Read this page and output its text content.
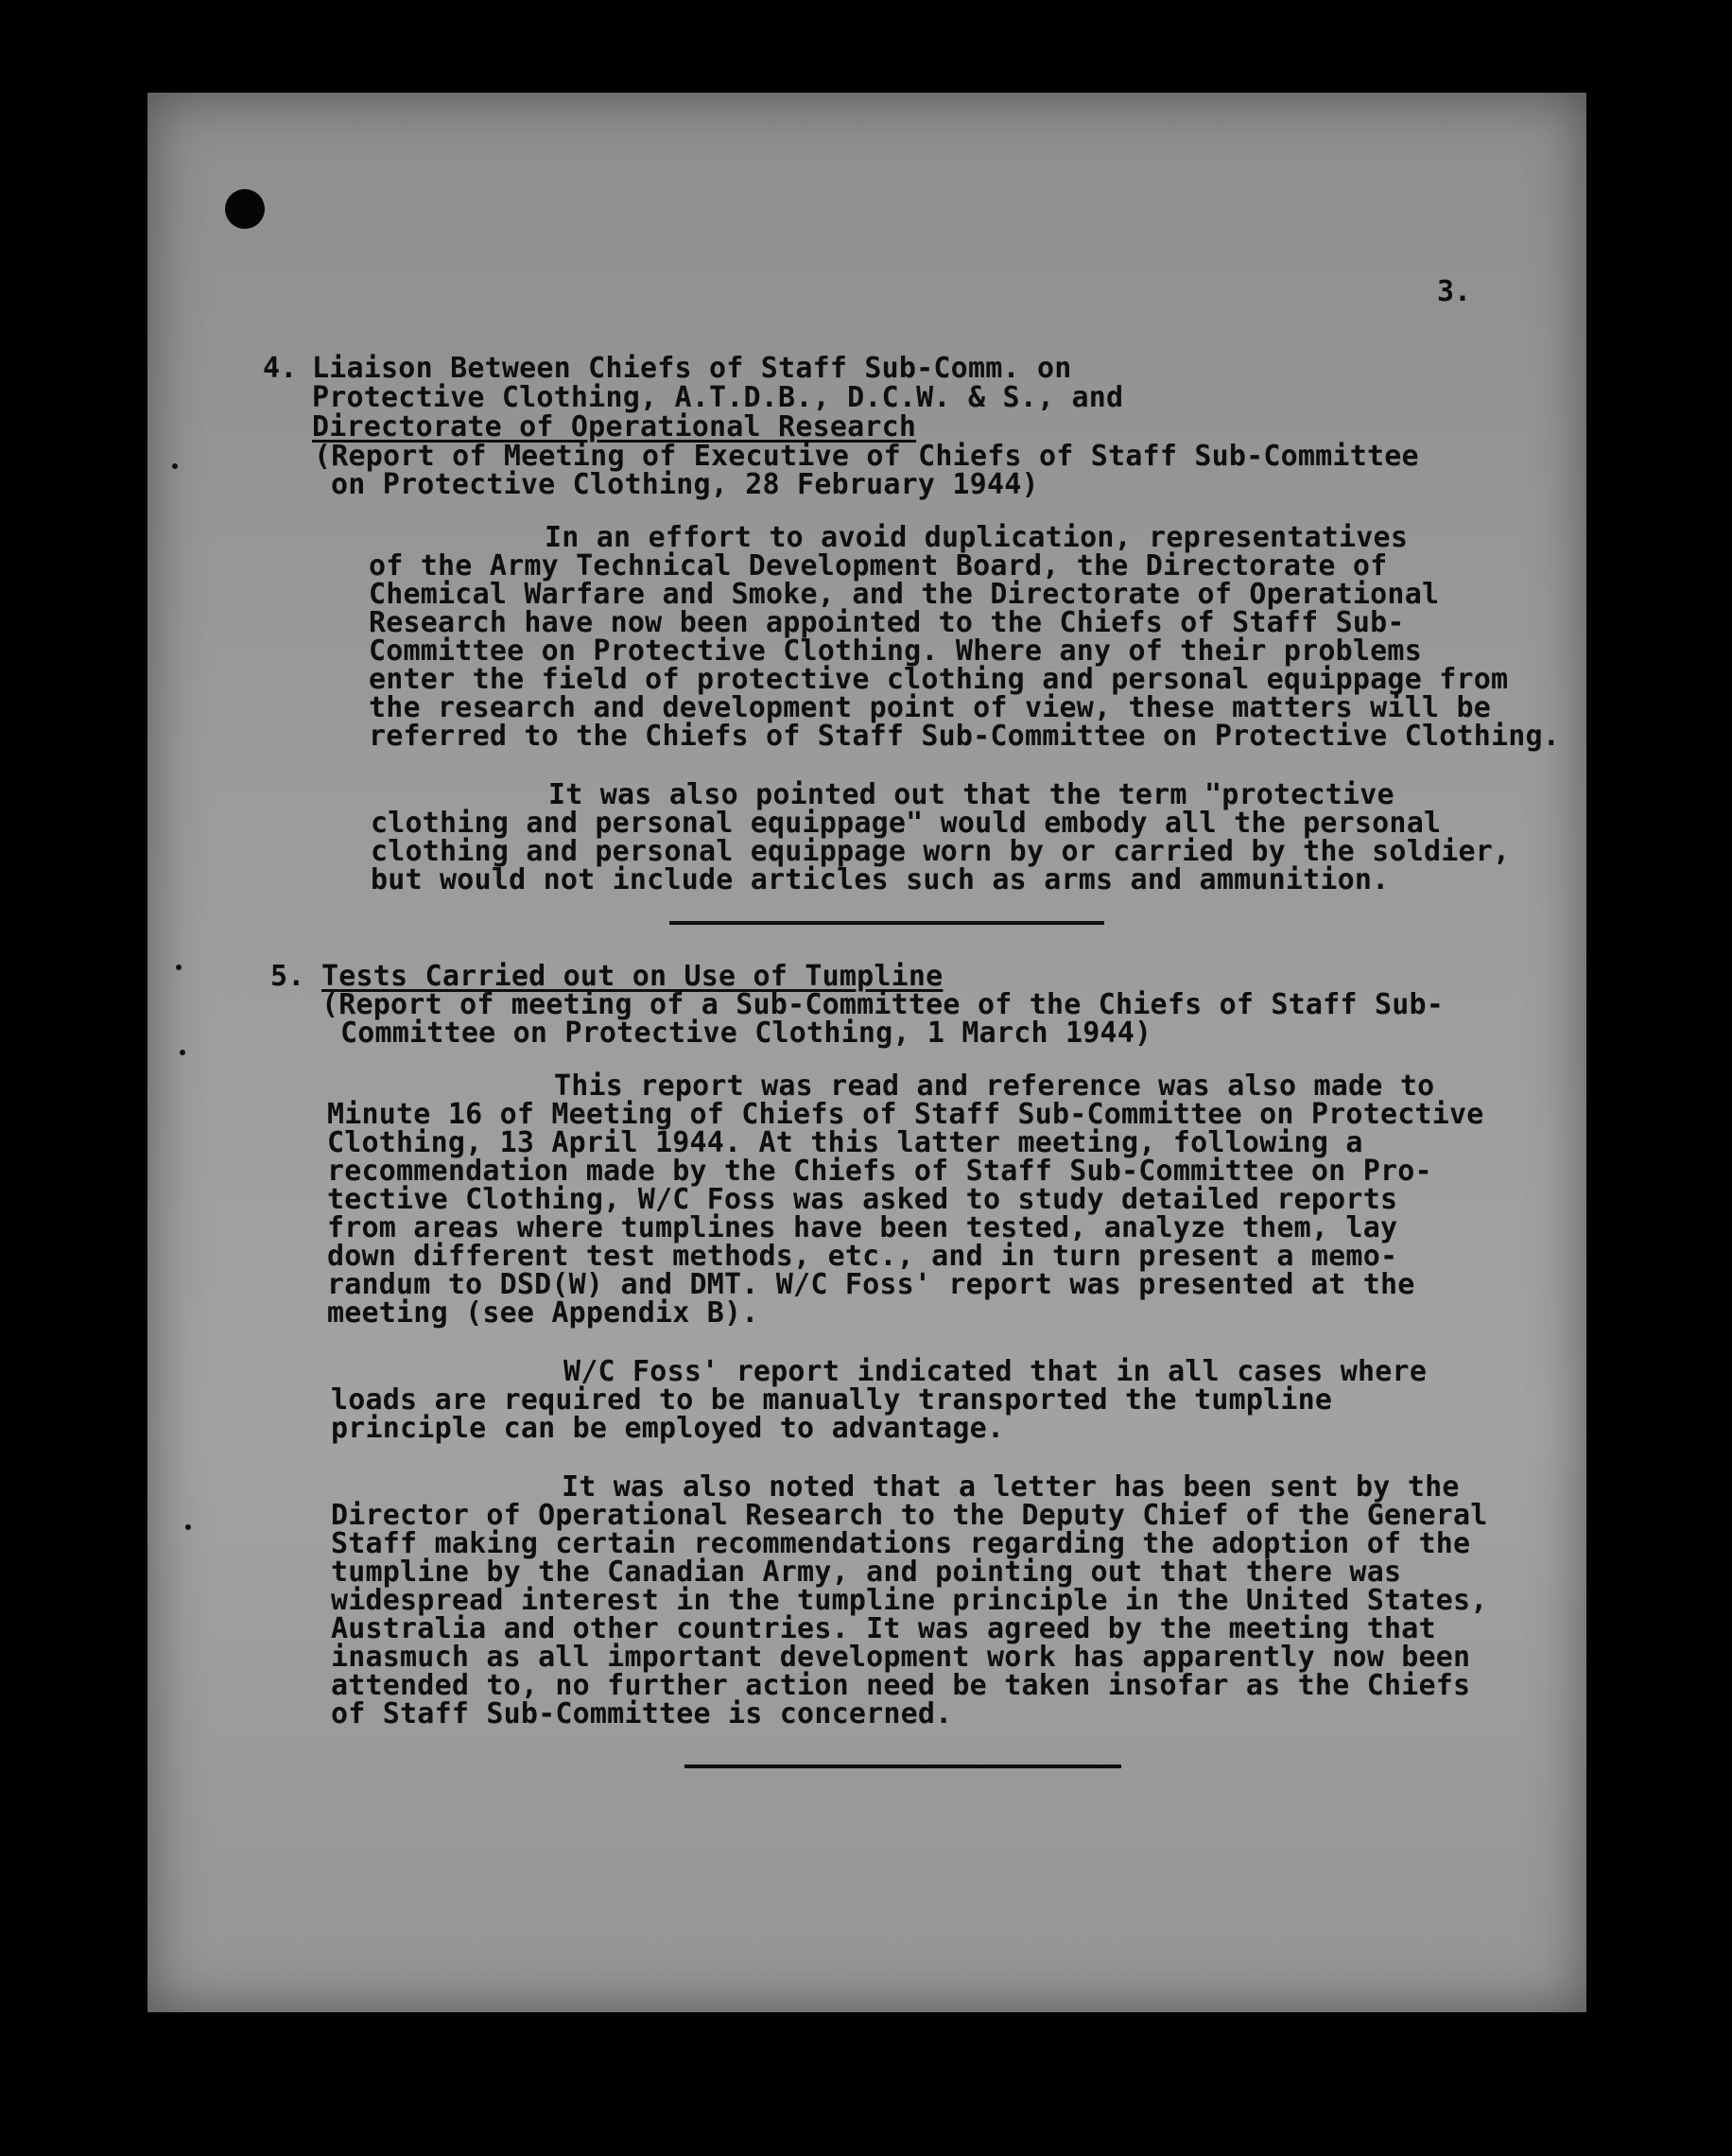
3.
4. Liaison Between Chiefs of Staff Sub-Comm. on
Protective Clothing, A.T.D.B., D.C.W. & S., and
Directorate of Operational Research
(Report of Meeting of Executive of Chiefs of Staff Sub-Committee
on Protective Clothing, 28 February 1944)
In an effort to avoid duplication, representatives
of the Army Technical Development Board, the Directorate of
Chemical Warfare and Smoke, and the Directorate of Operational
Research have now been appointed to the Chiefs of Staff Sub-
Committee on Protective Clothing. Where any of their problems
enter the field of protective clothing and personal equippage from
the research and development point of view, these matters will be
referred to the Chiefs of Staff Sub-Committee on Protective Clothing.
It was also pointed out that the term "protective
clothing and personal equippage" would embody all the personal
clothing and personal equippage worn by or carried by the soldier,
but would not include articles such as arms and ammunition.
5. Tests Carried out on Use of Tumpline
(Report of meeting of a Sub-Committee of the Chiefs of Staff Sub-
Committee on Protective Clothing, 1 March 1944)
This report was read and reference was also made to
Minute 16 of Meeting of Chiefs of Staff Sub-Committee on Protective
Clothing, 13 April 1944. At this latter meeting, following a
recommendation made by the Chiefs of Staff Sub-Committee on Pro-
tective Clothing, W/C Foss was asked to study detailed reports
from areas where tumplines have been tested, analyze them, lay
down different test methods, etc., and in turn present a memo-
randum to DSD(W) and DMT. W/C Foss' report was presented at the
meeting (see Appendix B).
W/C Foss' report indicated that in all cases where
loads are required to be manually transported the tumpline
principle can be employed to advantage.
It was also noted that a letter has been sent by the
Director of Operational Research to the Deputy Chief of the General
Staff making certain recommendations regarding the adoption of the
tumpline by the Canadian Army, and pointing out that there was
widespread interest in the tumpline principle in the United States,
Australia and other countries. It was agreed by the meeting that
inasmuch as all important development work has apparently now been
attended to, no further action need be taken insofar as the Chiefs
of Staff Sub-Committee is concerned.
